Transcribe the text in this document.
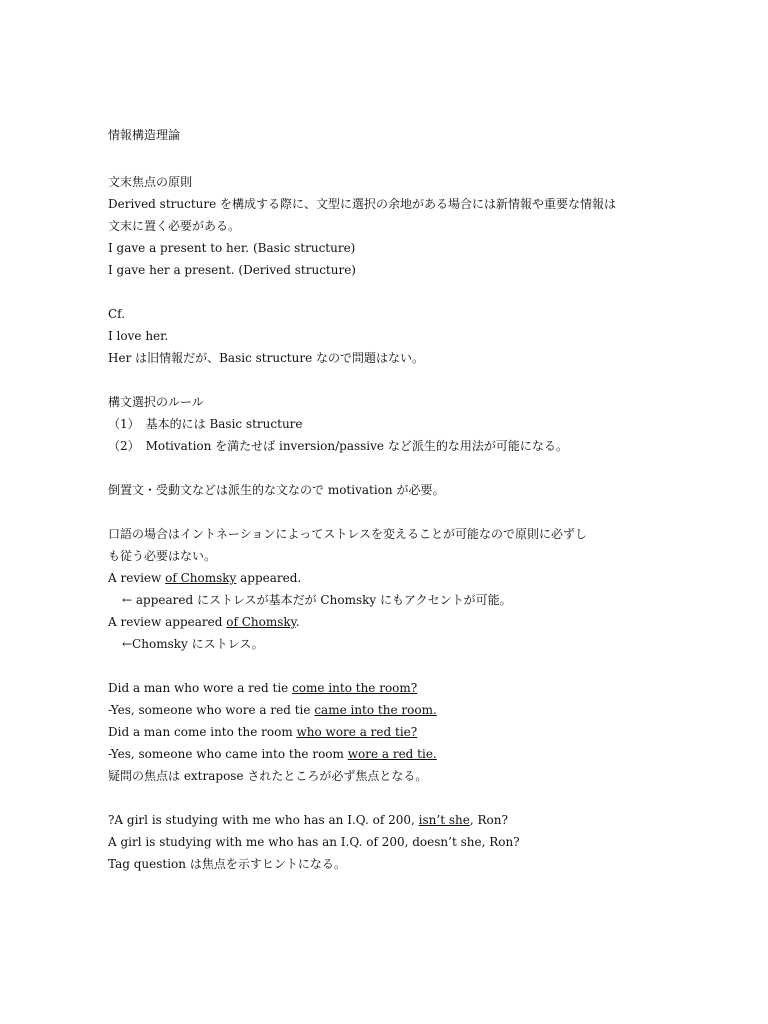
情報構造理論
文末焦点の原則
Derived structure を構成する際に、文型に選択の余地がある場合には新情報や重要な情報は
文末に置く必要がある。
I gave a present to her. (Basic structure)
I gave her a present. (Derived structure)
Cf.
I love her.
Her は旧情報だが、Basic structure なので問題はない。
構文選択のルール
（1）　基本的には Basic structure
（2）　Motivation を満たせば inversion/passive など派生的な用法が可能になる。
倒置文・受動文などは派生的な文なので motivation が必要。
口語の場合はイントネーションによってストレスを変えることが可能なので原則に必ずし
も従う必要はない。
A review of Chomsky appeared.
← appeared にストレスが基本だが Chomsky にもアクセントが可能。
A review appeared of Chomsky.
←Chomsky にストレス。
Did a man who wore a red tie come into the room?
-Yes, someone who wore a red tie came into the room.
Did a man come into the room who wore a red tie?
-Yes, someone who came into the room wore a red tie.
疑問の焦点は extrapose されたところが必ず焦点となる。
?A girl is studying with me who has an I.Q. of 200, isn’t she, Ron?
A girl is studying with me who has an I.Q. of 200, doesn’t she, Ron?
Tag question は焦点を示すヒントになる。
